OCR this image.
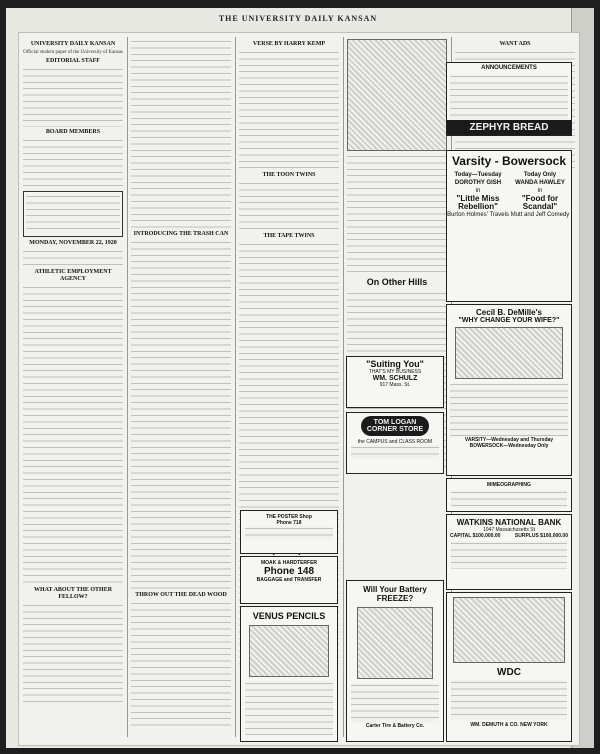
THE UNIVERSITY DAILY KANSAN
UNIVERSITY DAILY KANSAN
Official student paper of the University of Kansas
EDITORIAL STAFF
BOARD MEMBERS
MONDAY, NOVEMBER 22, 1920
ATHLETIC EMPLOYMENT AGENCY
WHAT ABOUT THE OTHER FELLOW?
INTRODUCING THE TRASH CAN
THROW OUT THE DEAD WOOD
VERSE BY HARRY KEMP
THE TOON TWINS
THE TAPE TWINS
On Other Hills
WANT ADS
ANNOUNCEMENTS
ZEPHYR BREAD
Varsity - Bowersock
Today—Tuesday
DOROTHY GISH
in
"Little Miss Rebellion"
Burton Holmes' Travels
Today Only
WANDA HAWLEY
in
"Food for Scandal"
Mutt and Jeff Comedy
Cecil B. DeMille's
"WHY CHANGE YOUR WIFE?"
VARSITY—Wednesday and Thursday
BOWERSOCK—Wednesday Only
MIMEOGRAPHING
WATKINS NATIONAL BANK
1047 Massachusetts St
CAPITAL $100,000.00	SURPLUS $100,000.00
WDC
WM. DEMUTH & CO. NEW YORK
"Suiting You"
THAT'S MY BUSINESS
WM. SCHULZ
917 Mass. St.
TOM LOGAN CORNER STORE
the CAMPUS and CLASS ROOM
THE POSTER Shop
Phone 718
MOAK & HARDTERFER
Phone 148
BAGGAGE and TRANSFER
VENUS PENCILS
Will Your Battery FREEZE?
Carter Tire & Battery Co.
